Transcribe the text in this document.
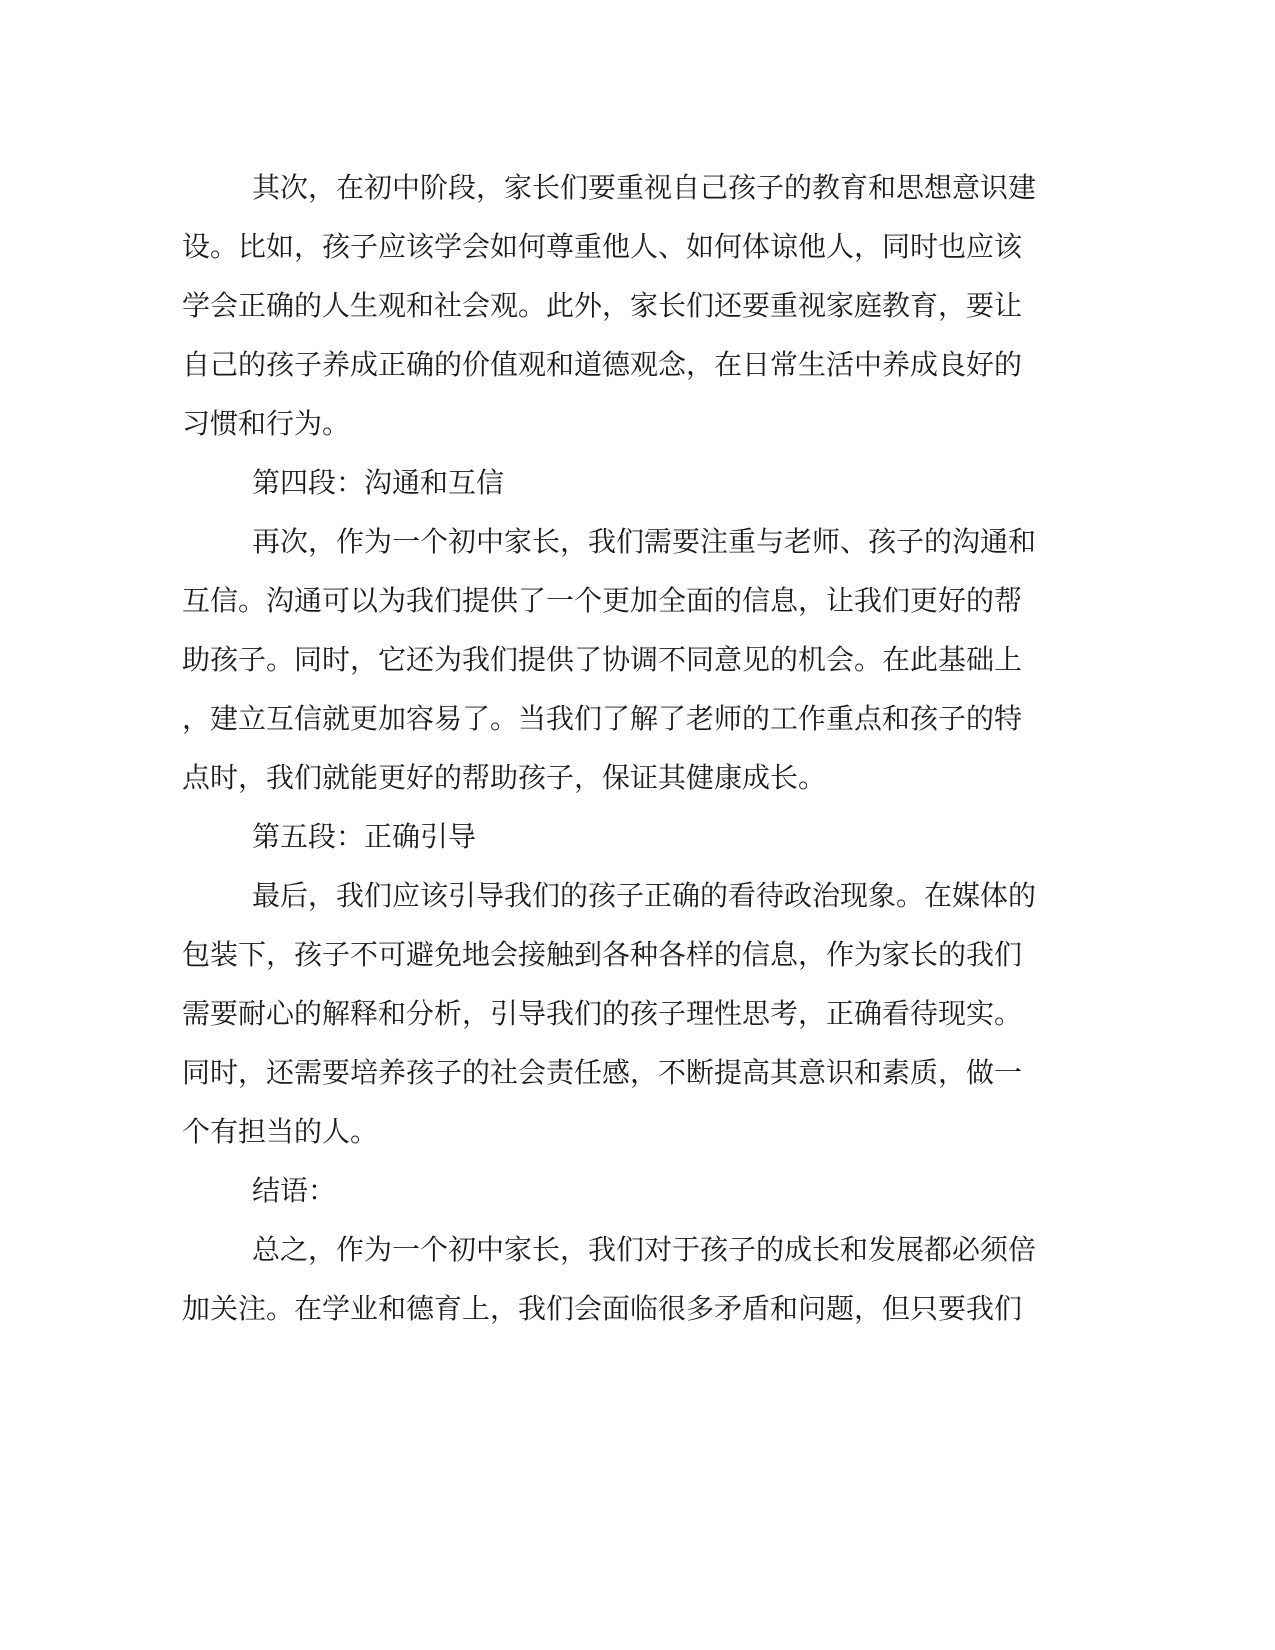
其次，在初中阶段，家长们要重视自己孩子的教育和思想意识建
设。比如，孩子应该学会如何尊重他人、如何体谅他人，同时也应该
学会正确的人生观和社会观。此外，家长们还要重视家庭教育，要让
自己的孩子养成正确的价值观和道德观念，在日常生活中养成良好的
习惯和行为。
第四段：沟通和互信
再次，作为一个初中家长，我们需要注重与老师、孩子的沟通和
互信。沟通可以为我们提供了一个更加全面的信息，让我们更好的帮
助孩子。同时，它还为我们提供了协调不同意见的机会。在此基础上
，建立互信就更加容易了。当我们了解了老师的工作重点和孩子的特
点时，我们就能更好的帮助孩子，保证其健康成长。
第五段：正确引导
最后，我们应该引导我们的孩子正确的看待政治现象。在媒体的
包装下，孩子不可避免地会接触到各种各样的信息，作为家长的我们
需要耐心的解释和分析，引导我们的孩子理性思考，正确看待现实。
同时，还需要培养孩子的社会责任感，不断提高其意识和素质，做一
个有担当的人。
结语：
总之，作为一个初中家长，我们对于孩子的成长和发展都必须倍
加关注。在学业和德育上，我们会面临很多矛盾和问题，但只要我们
